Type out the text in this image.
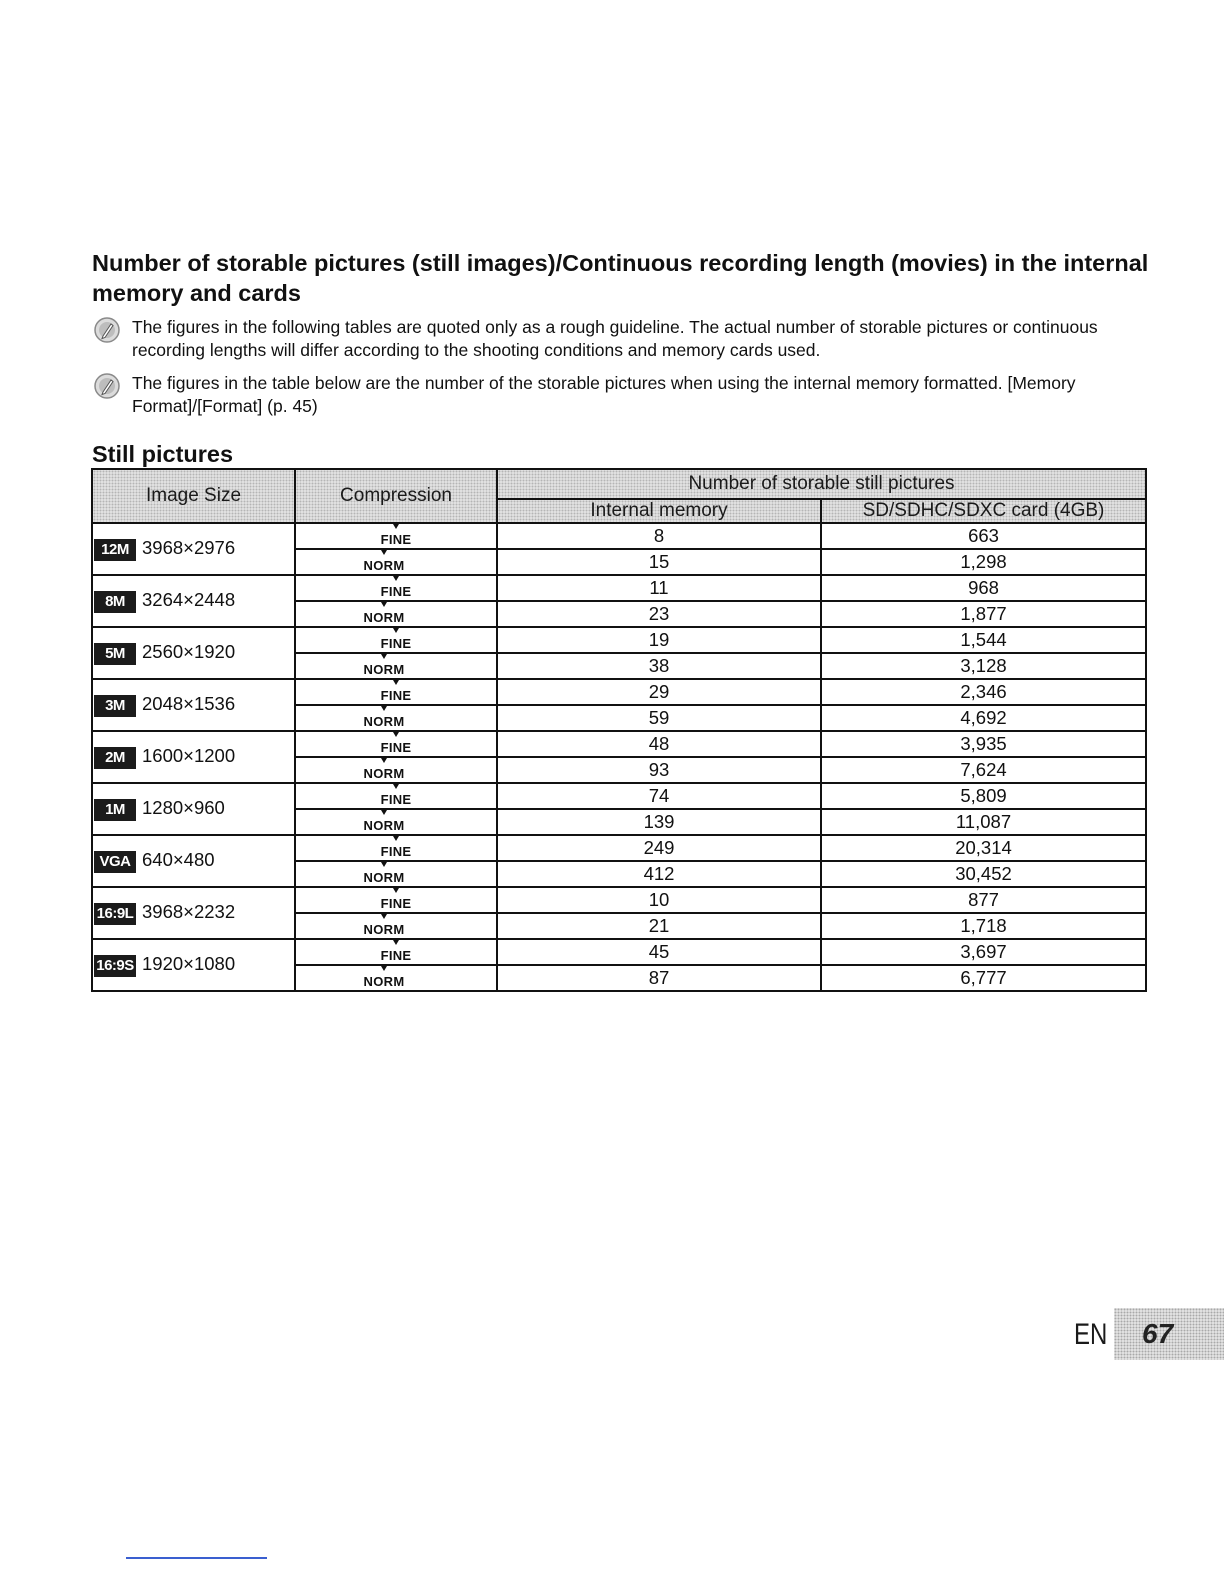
Number of storable pictures (still images)/Continuous recording length (movies) in the internal memory and cards
The figures in the following tables are quoted only as a rough guideline. The actual number of storable pictures or continuous recording lengths will differ according to the shooting conditions and memory cards used.
The figures in the table below are the number of the storable pictures when using the internal memory formatted. [Memory Format]/[Format] (p. 45)
Still pictures
Image Size	Compression	Number of storable still pictures	
		Internal memory	SD/SDHC/SDXC card (4GB)
12M 3968×2976	FINE	8	663
	NORM	15	1,298
8M 3264×2448	FINE	11	968
	NORM	23	1,877
5M 2560×1920	FINE	19	1,544
	NORM	38	3,128
3M 2048×1536	FINE	29	2,346
	NORM	59	4,692
2M 1600×1200	FINE	48	3,935
	NORM	93	7,624
1M 1280×960	FINE	74	5,809
	NORM	139	11,087
VGA 640×480	FINE	249	20,314
	NORM	412	30,452
16:9L 3968×2232	FINE	10	877
	NORM	21	1,718
16:9S 1920×1080	FINE	45	3,697
	NORM	87	6,777
EN	67
